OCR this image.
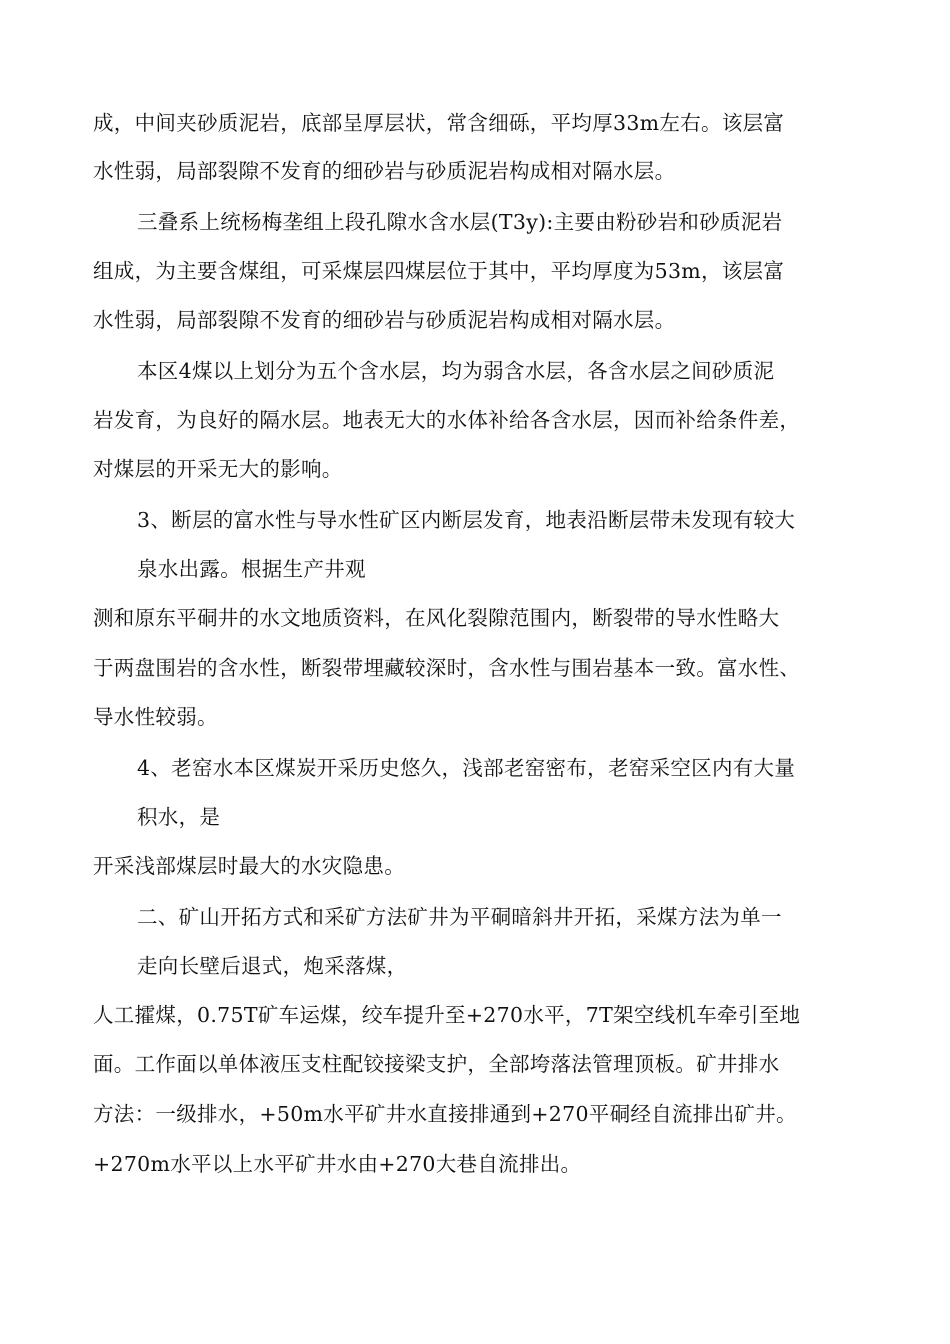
成，中间夹砂质泥岩，底部呈厚层状，常含细砾，平均厚33m左右。该层富

水性弱，局部裂隙不发育的细砂岩与砂质泥岩构成相对隔水层。

三叠系上统杨梅垄组上段孔隙水含水层(T3y):主要由粉砂岩和砂质泥岩

组成，为主要含煤组，可采煤层四煤层位于其中，平均厚度为53m，该层富

水性弱，局部裂隙不发育的细砂岩与砂质泥岩构成相对隔水层。

本区4煤以上划分为五个含水层，均为弱含水层，各含水层之间砂质泥

岩发育，为良好的隔水层。地表无大的水体补给各含水层，因而补给条件差，

对煤层的开采无大的影响。

3、断层的富水性与导水性矿区内断层发育，地表沿断层带未发现有较大

泉水出露。根据生产井观

测和原东平硐井的水文地质资料，在风化裂隙范围内，断裂带的导水性略大

于两盘围岩的含水性，断裂带埋藏较深时，含水性与围岩基本一致。富水性、

导水性较弱。

4、老窑水本区煤炭开采历史悠久，浅部老窑密布，老窑采空区内有大量

积水，是

开采浅部煤层时最大的水灾隐患。

二、矿山开拓方式和采矿方法矿井为平硐暗斜井开拓，采煤方法为单一

走向长壁后退式，炮采落煤，

人工攉煤，0.75T矿车运煤，绞车提升至+270水平，7T架空线机车牵引至地

面。工作面以单体液压支柱配铰接梁支护，全部垮落法管理顶板。矿井排水

方法：一级排水，+50m水平矿井水直接排通到+270平硐经自流排出矿井。

+270m水平以上水平矿井水由+270大巷自流排出。
